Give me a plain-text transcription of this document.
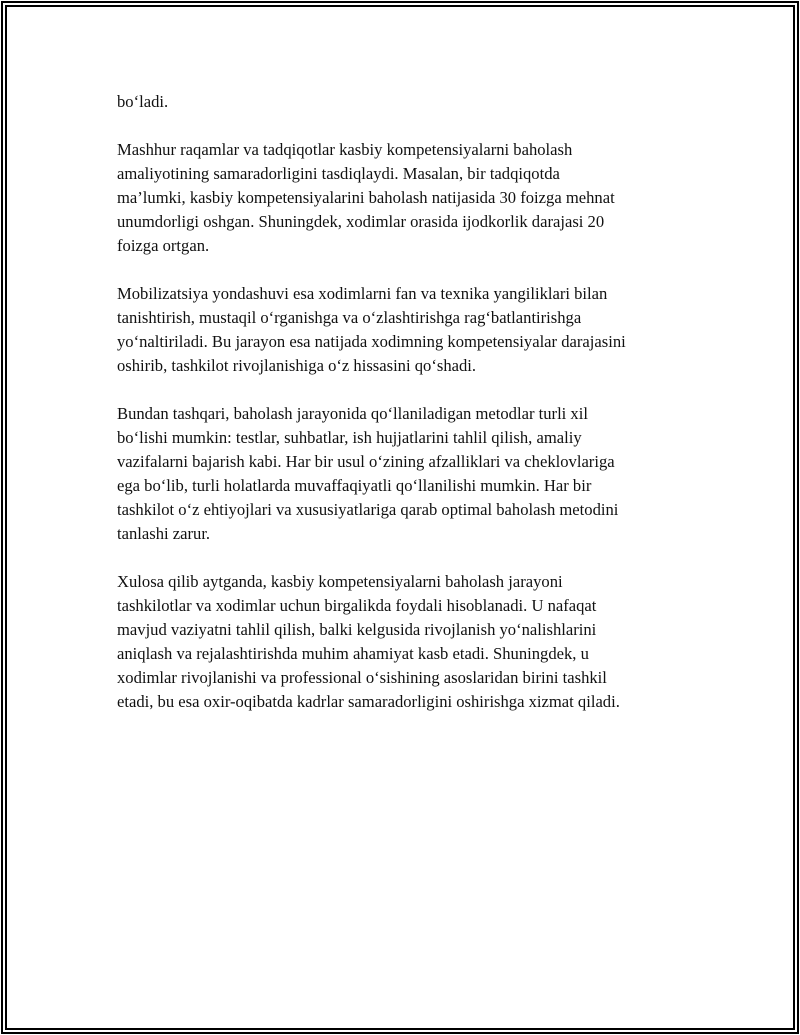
bo‘ladi.

Mashhur raqamlar va tadqiqotlar kasbiy kompetensiyalarni baholash
amaliyotining samaradorligini tasdiqlaydi. Masalan, bir tadqiqotda
ma’lumki, kasbiy kompetensiyalarini baholash natijasida 30 foizga mehnat
unumdorligi oshgan. Shuningdek, xodimlar orasida ijodkorlik darajasi 20
foizga ortgan.

Mobilizatsiya yondashuvi esa xodimlarni fan va texnika yangiliklari bilan
tanishtirish, mustaqil o‘rganishga va o‘zlashtirishga rag‘batlantirishga
yo‘naltiriladi. Bu jarayon esa natijada xodimning kompetensiyalar darajasini
oshirib, tashkilot rivojlanishiga o‘z hissasini qo‘shadi.

Bundan tashqari, baholash jarayonida qo‘llaniladigan metodlar turli xil
bo‘lishi mumkin: testlar, suhbatlar, ish hujjatlarini tahlil qilish, amaliy
vazifalarni bajarish kabi. Har bir usul o‘zining afzalliklari va cheklovlariga
ega bo‘lib, turli holatlarda muvaffaqiyatli qo‘llanilishi mumkin. Har bir
tashkilot o‘z ehtiyojlari va xususiyatlariga qarab optimal baholash metodini
tanlashi zarur.

Xulosa qilib aytganda, kasbiy kompetensiyalarni baholash jarayoni
tashkilotlar va xodimlar uchun birgalikda foydali hisoblanadi. U nafaqat
mavjud vaziyatni tahlil qilish, balki kelgusida rivojlanish yo‘nalishlarini
aniqlash va rejalashtirishda muhim ahamiyat kasb etadi. Shuningdek, u
xodimlar rivojlanishi va professional o‘sishining asoslaridan birini tashkil
etadi, bu esa oxir-oqibatda kadrlar samaradorligini oshirishga xizmat qiladi.
